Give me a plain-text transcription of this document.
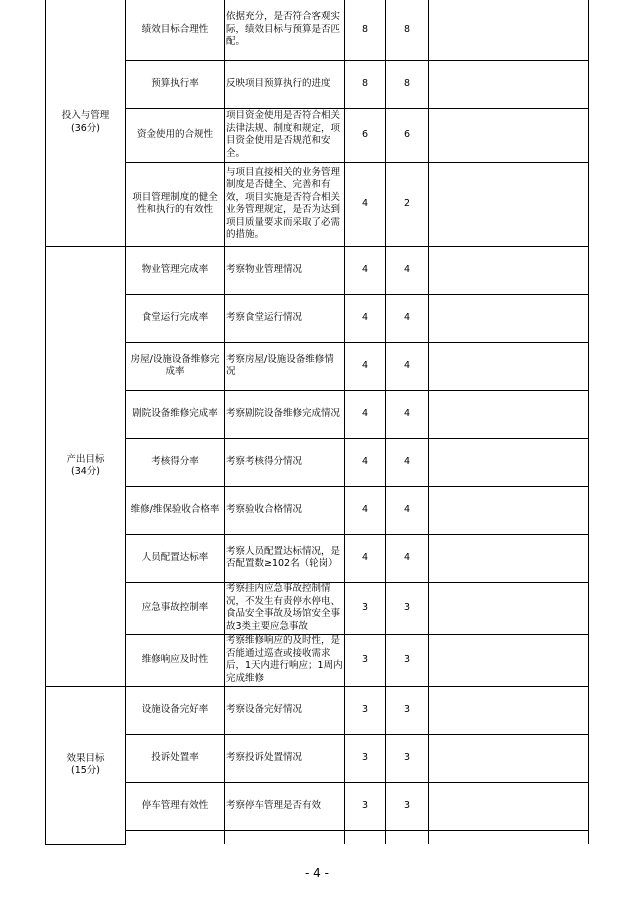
投入与管理
(36分)	绩效目标合理性	依据充分，是否符合客观实际，绩效目标与预算是否匹配。	8	8	
	预算执行率	反映项目预算执行的进度	8	8	
	资金使用的合规性	项目资金使用是否符合相关法律法规、制度和规定，项目资金使用是否规范和安全。	6	6	
	项目管理制度的健全性和执行的有效性	与项目直接相关的业务管理制度是否健全、完善和有效，项目实施是否符合相关业务管理规定，是否为达到项目质量要求而采取了必需的措施。	4	2	

产出目标
(34分)	物业管理完成率	考察物业管理情况	4	4	
	食堂运行完成率	考察食堂运行情况	4	4	
	房屋/设施设备维修完成率	考察房屋/设施设备维修情况	4	4	
	剧院设备维修完成率	考察剧院设备维修完成情况	4	4	
	考核得分率	考察考核得分情况	4	4	
	维修/维保验收合格率	考察验收合格情况	4	4	
	人员配置达标率	考察人员配置达标情况，是否配置数≥102名（轮岗）	4	4	
	应急事故控制率	考察挂内应急事故控制情况，不发生有责停水停电、食品安全事故及场馆安全事故3类主要应急事故	3	3	
	维修响应及时性	考察维修响应的及时性，是否能通过巡查或接收需求后，1天内进行响应；1周内完成维修	3	3	

效果目标
(15分)	设施设备完好率	考察设备完好情况	3	3	
	投诉处置率	考察投诉处置情况	3	3	
	停车管理有效性	考察停车管理是否有效	3	3	

- 4 -
